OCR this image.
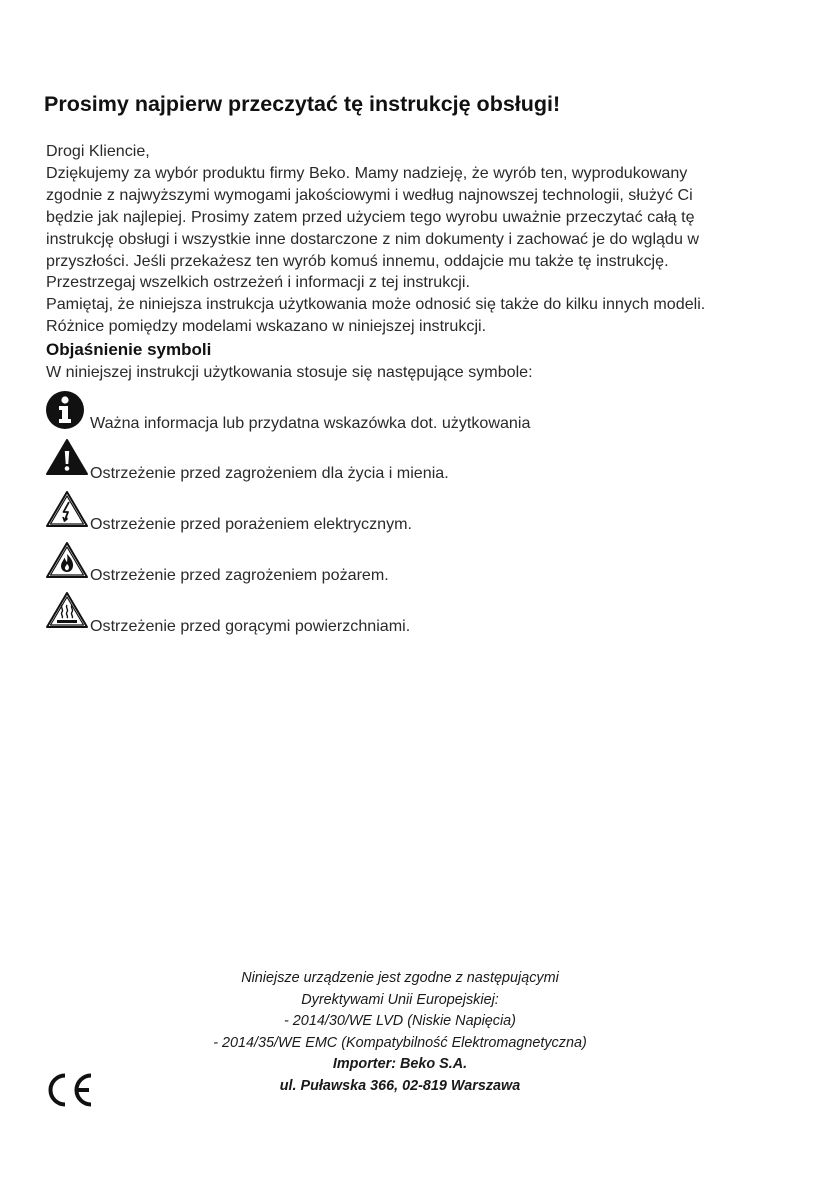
Prosimy najpierw przeczytać tę instrukcję obsługi!
Drogi Kliencie,
Dziękujemy za wybór produktu firmy Beko. Mamy nadzieję, że wyrób ten, wyprodukowany
zgodnie z najwyższymi wymogami jakościowymi i według najnowszej technologii, służyć Ci
będzie jak najlepiej. Prosimy zatem przed użyciem tego wyrobu uważnie przeczytać całą tę
instrukcję obsługi i wszystkie inne dostarczone z nim dokumenty i zachować je do wglądu w
przyszłości. Jeśli przekażesz ten wyrób komuś innemu, oddajcie mu także tę instrukcję.
Przestrzegaj wszelkich ostrzeżeń i informacji z tej instrukcji.
Pamiętaj, że niniejsza instrukcja użytkowania może odnosić się także do kilku innych modeli.
Różnice pomiędzy modelami wskazano w niniejszej instrukcji.
Objaśnienie symboli
W niniejszej instrukcji użytkowania stosuje się następujące symbole:
Ważna informacja lub przydatna wskazówka dot. użytkowania
Ostrzeżenie przed zagrożeniem dla życia i mienia.
Ostrzeżenie przed porażeniem elektrycznym.
Ostrzeżenie przed zagrożeniem pożarem.
Ostrzeżenie przed gorącymi powierzchniami.
Niniejsze urządzenie jest zgodne z następującymi
Dyrektywami Unii Europejskiej:
- 2014/30/WE LVD (Niskie Napięcia)
- 2014/35/WE EMC (Kompatybilność Elektromagnetyczna)
Importer: Beko S.A.
ul. Puławska 366, 02-819 Warszawa
